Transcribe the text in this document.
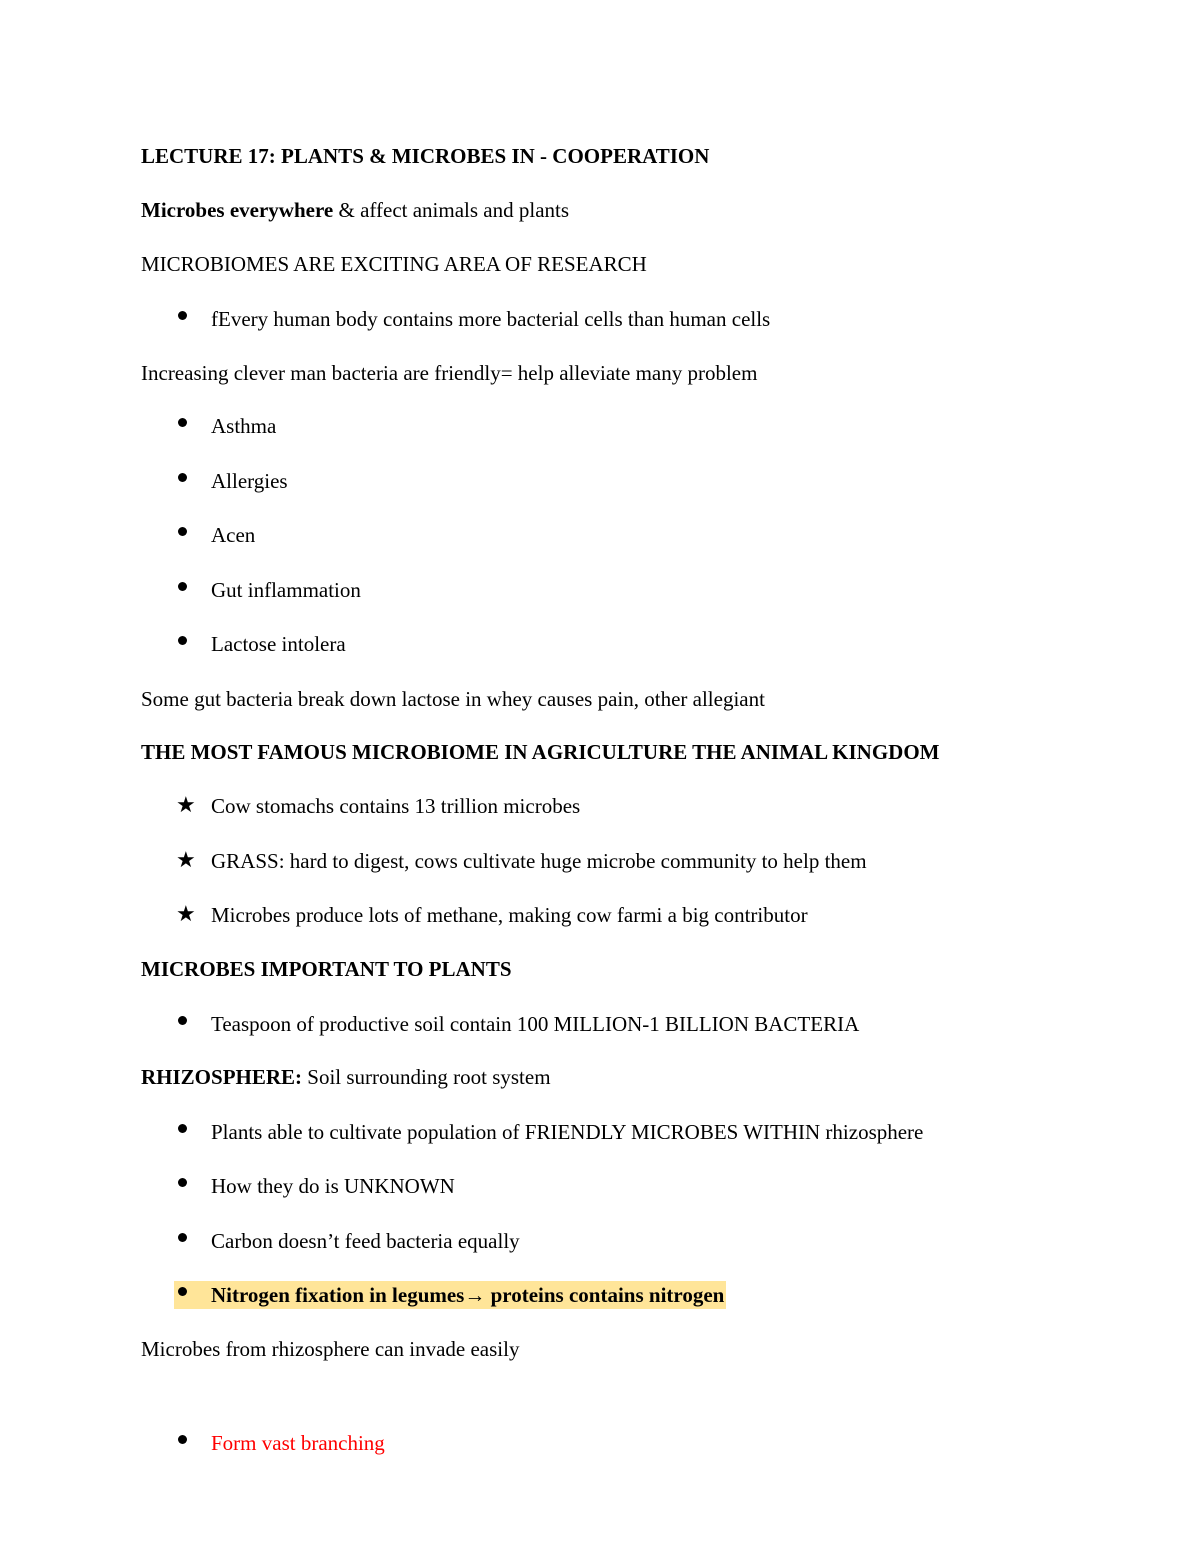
LECTURE 17: PLANTS & MICROBES IN - COOPERATION
Microbes everywhere & affect animals and plants
MICROBIOMES ARE EXCITING AREA OF RESEARCH
fEvery human body contains more bacterial cells than human cells
Increasing clever man bacteria are friendly= help alleviate many problem
Asthma
Allergies
Acen
Gut inflammation
Lactose intolera
Some gut bacteria break down lactose in whey causes pain, other allegiant
THE MOST FAMOUS MICROBIOME IN AGRICULTURE THE ANIMAL KINGDOM
★ Cow stomachs contains 13 trillion microbes
★ GRASS: hard to digest, cows cultivate huge microbe community to help them
★ Microbes produce lots of methane, making cow farmi a big contributor
MICROBES IMPORTANT TO PLANTS
Teaspoon of productive soil contain 100 MILLION-1 BILLION BACTERIA
RHIZOSPHERE: Soil surrounding root system
Plants able to cultivate population of FRIENDLY MICROBES WITHIN rhizosphere
How they do is UNKNOWN
Carbon doesn’t feed bacteria equally
Nitrogen fixation in legumes→ proteins contains nitrogen
Microbes from rhizosphere can invade easily
Form vast branching
